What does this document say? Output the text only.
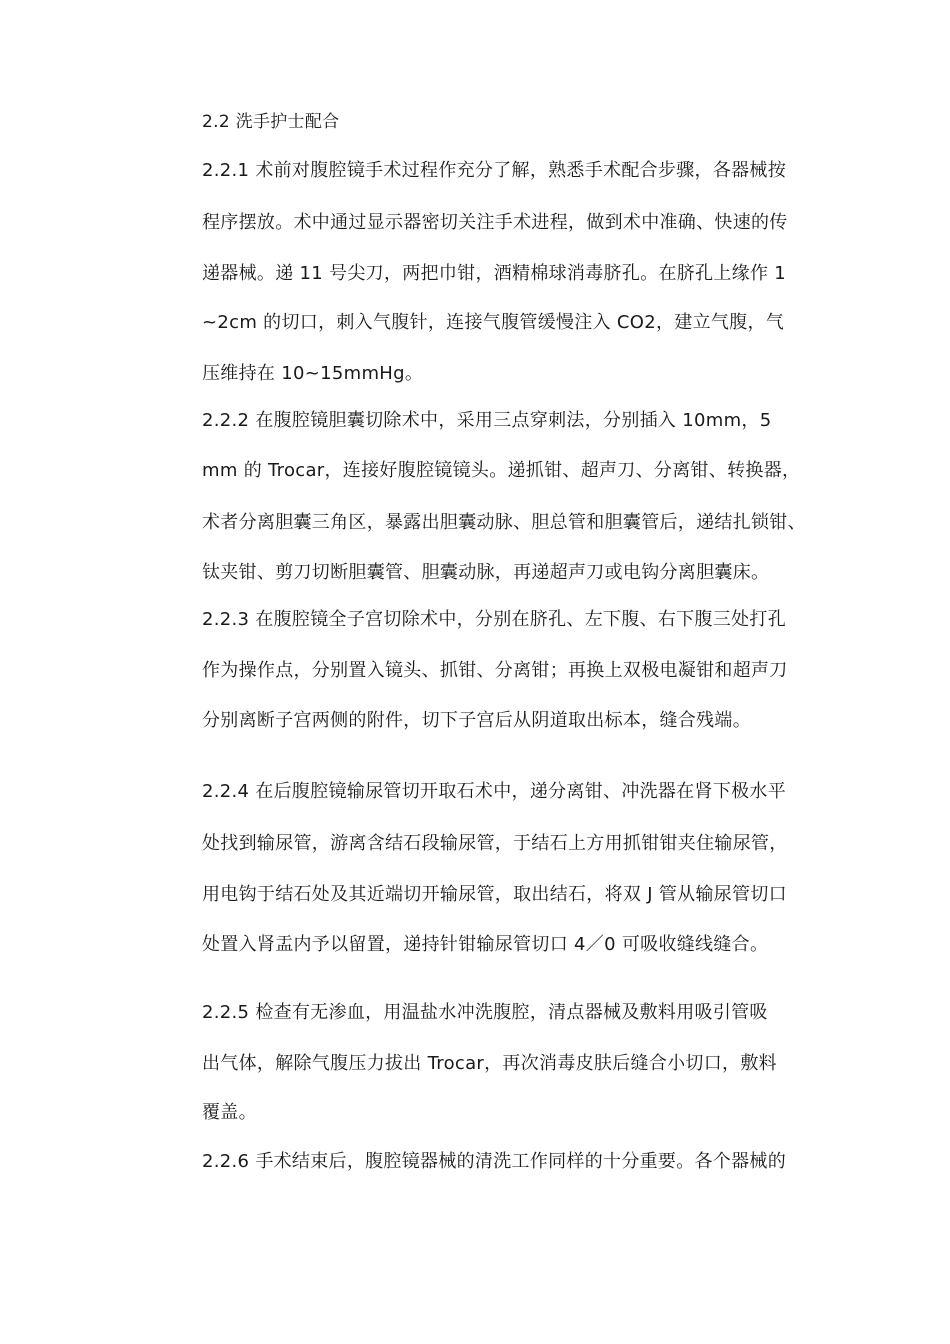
2.2 洗手护士配合
2.2.1 术前对腹腔镜手术过程作充分了解，熟悉手术配合步骤，各器械按
程序摆放。术中通过显示器密切关注手术进程，做到术中准确、快速的传
递器械。递 11 号尖刀，两把巾钳，酒精棉球消毒脐孔。在脐孔上缘作 1
~2cm 的切口，刺入气腹针，连接气腹管缓慢注入 CO2，建立气腹，气
压维持在 10~15mmHg。
2.2.2 在腹腔镜胆囊切除术中，采用三点穿刺法，分别插入 10mm，5
mm 的 Trocar，连接好腹腔镜镜头。递抓钳、超声刀、分离钳、转换器，
术者分离胆囊三角区，暴露出胆囊动脉、胆总管和胆囊管后，递结扎锁钳、
钛夹钳、剪刀切断胆囊管、胆囊动脉，再递超声刀或电钩分离胆囊床。
2.2.3 在腹腔镜全子宫切除术中，分别在脐孔、左下腹、右下腹三处打孔
作为操作点，分别置入镜头、抓钳、分离钳；再换上双极电凝钳和超声刀
分别离断子宫两侧的附件，切下子宫后从阴道取出标本，缝合残端。
2.2.4 在后腹腔镜输尿管切开取石术中，递分离钳、冲洗器在肾下极水平
处找到输尿管，游离含结石段输尿管，于结石上方用抓钳钳夹住输尿管，
用电钩于结石处及其近端切开输尿管，取出结石，将双 J 管从输尿管切口
处置入肾盂内予以留置，递持针钳输尿管切口 4／0 可吸收缝线缝合。
2.2.5 检查有无渗血，用温盐水冲洗腹腔，清点器械及敷料用吸引管吸
出气体，解除气腹压力拔出 Trocar，再次消毒皮肤后缝合小切口，敷料
覆盖。
2.2.6 手术结束后，腹腔镜器械的清洗工作同样的十分重要。各个器械的
